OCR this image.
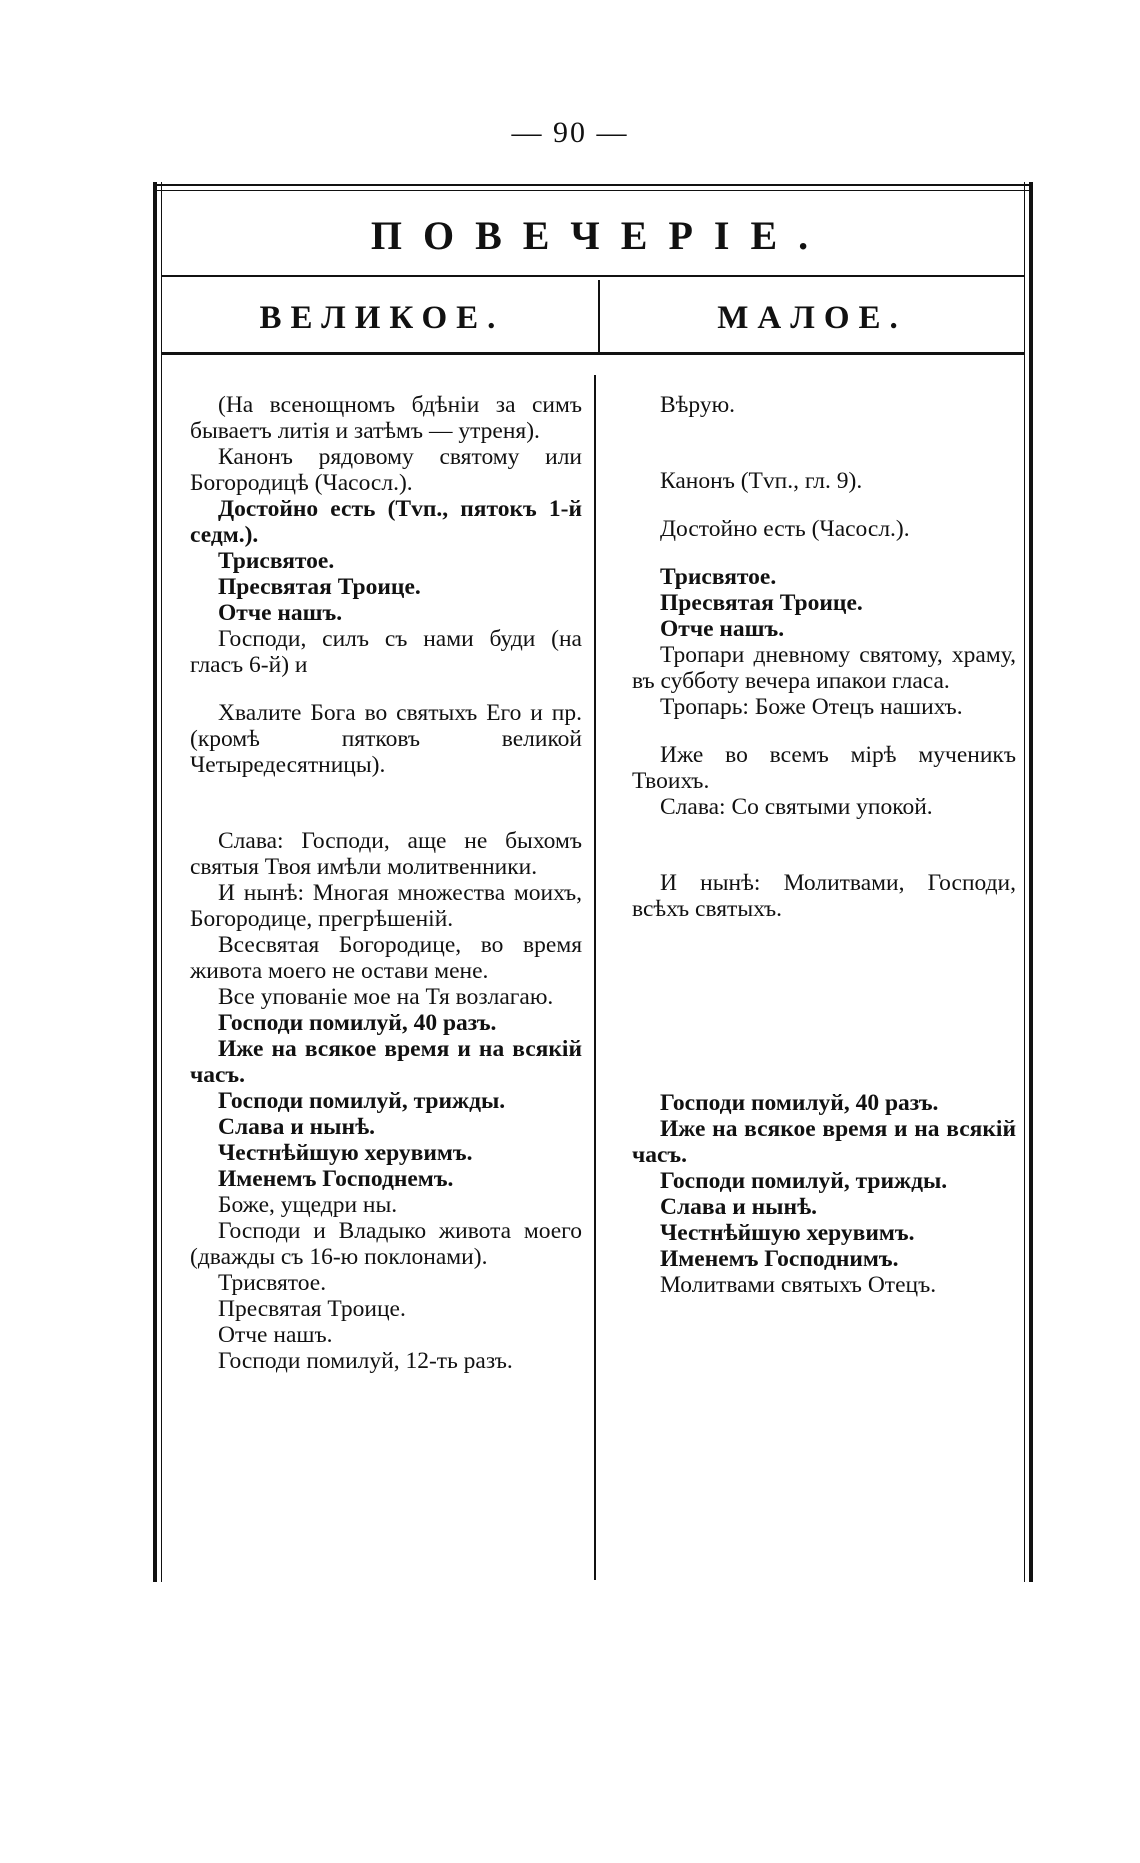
— 90 —
ПОВЕЧЕРІЕ.
ВЕЛИКОЕ.	МАЛОЕ.

(На всенощномъ бдѣніи за симъ бываетъ литія и затѣмъ — утреня).

Канонъ рядовому святому или Богородицѣ (Часосл.).

Достойно есть (Тvп., пятокъ 1-й седм.).

Трисвятое.

Пресвятая Троице.

Отче нашъ.

Господи, силъ съ нами буди (на гласъ 6-й) и

Хвалите Бога во святыхъ Его и пр. (кромѣ пятковъ великой Четыредесятницы).

Слава: Господи, аще не быхомъ святыя Твоя имѣли молитвенники.

И нынѣ: Многая множества моихъ, Богородице, прегрѣшеній.

Всесвятая Богородице, во время живота моего не остави мене.

Все упованіе мое на Тя возлагаю.

Господи помилуй, 40 разъ.

Иже на всякое время и на всякій часъ.

Господи помилуй, трижды.

Слава и нынѣ.

Честнѣйшую херувимъ.

Именемъ Господнемъ.

Боже, ущедри ны.

Господи и Владыко живота моего (дважды съ 16-ю поклонами).

Трисвятое.

Пресвятая Троице.

Отче нашъ.

Господи помилуй, 12-ть разъ.

Вѣрую.

Канонъ (Тvп., гл. 9).

Достойно есть (Часосл.).

Трисвятое.

Пресвятая Троице.

Отче нашъ.

Тропари дневному святому, храму, въ субботу вечера ипакои гласа.

Тропарь: Боже Отецъ нашихъ.

Иже во всемъ мірѣ мученикъ Твоихъ.

Слава: Со святыми упокой.

И нынѣ: Молитвами, Господи, всѣхъ святыхъ.

Господи помилуй, 40 разъ.

Иже на всякое время и на всякій часъ.

Господи помилуй, трижды.

Слава и нынѣ.

Честнѣйшую херувимъ.

Именемъ Господнимъ.

Молитвами святыхъ Отецъ.
